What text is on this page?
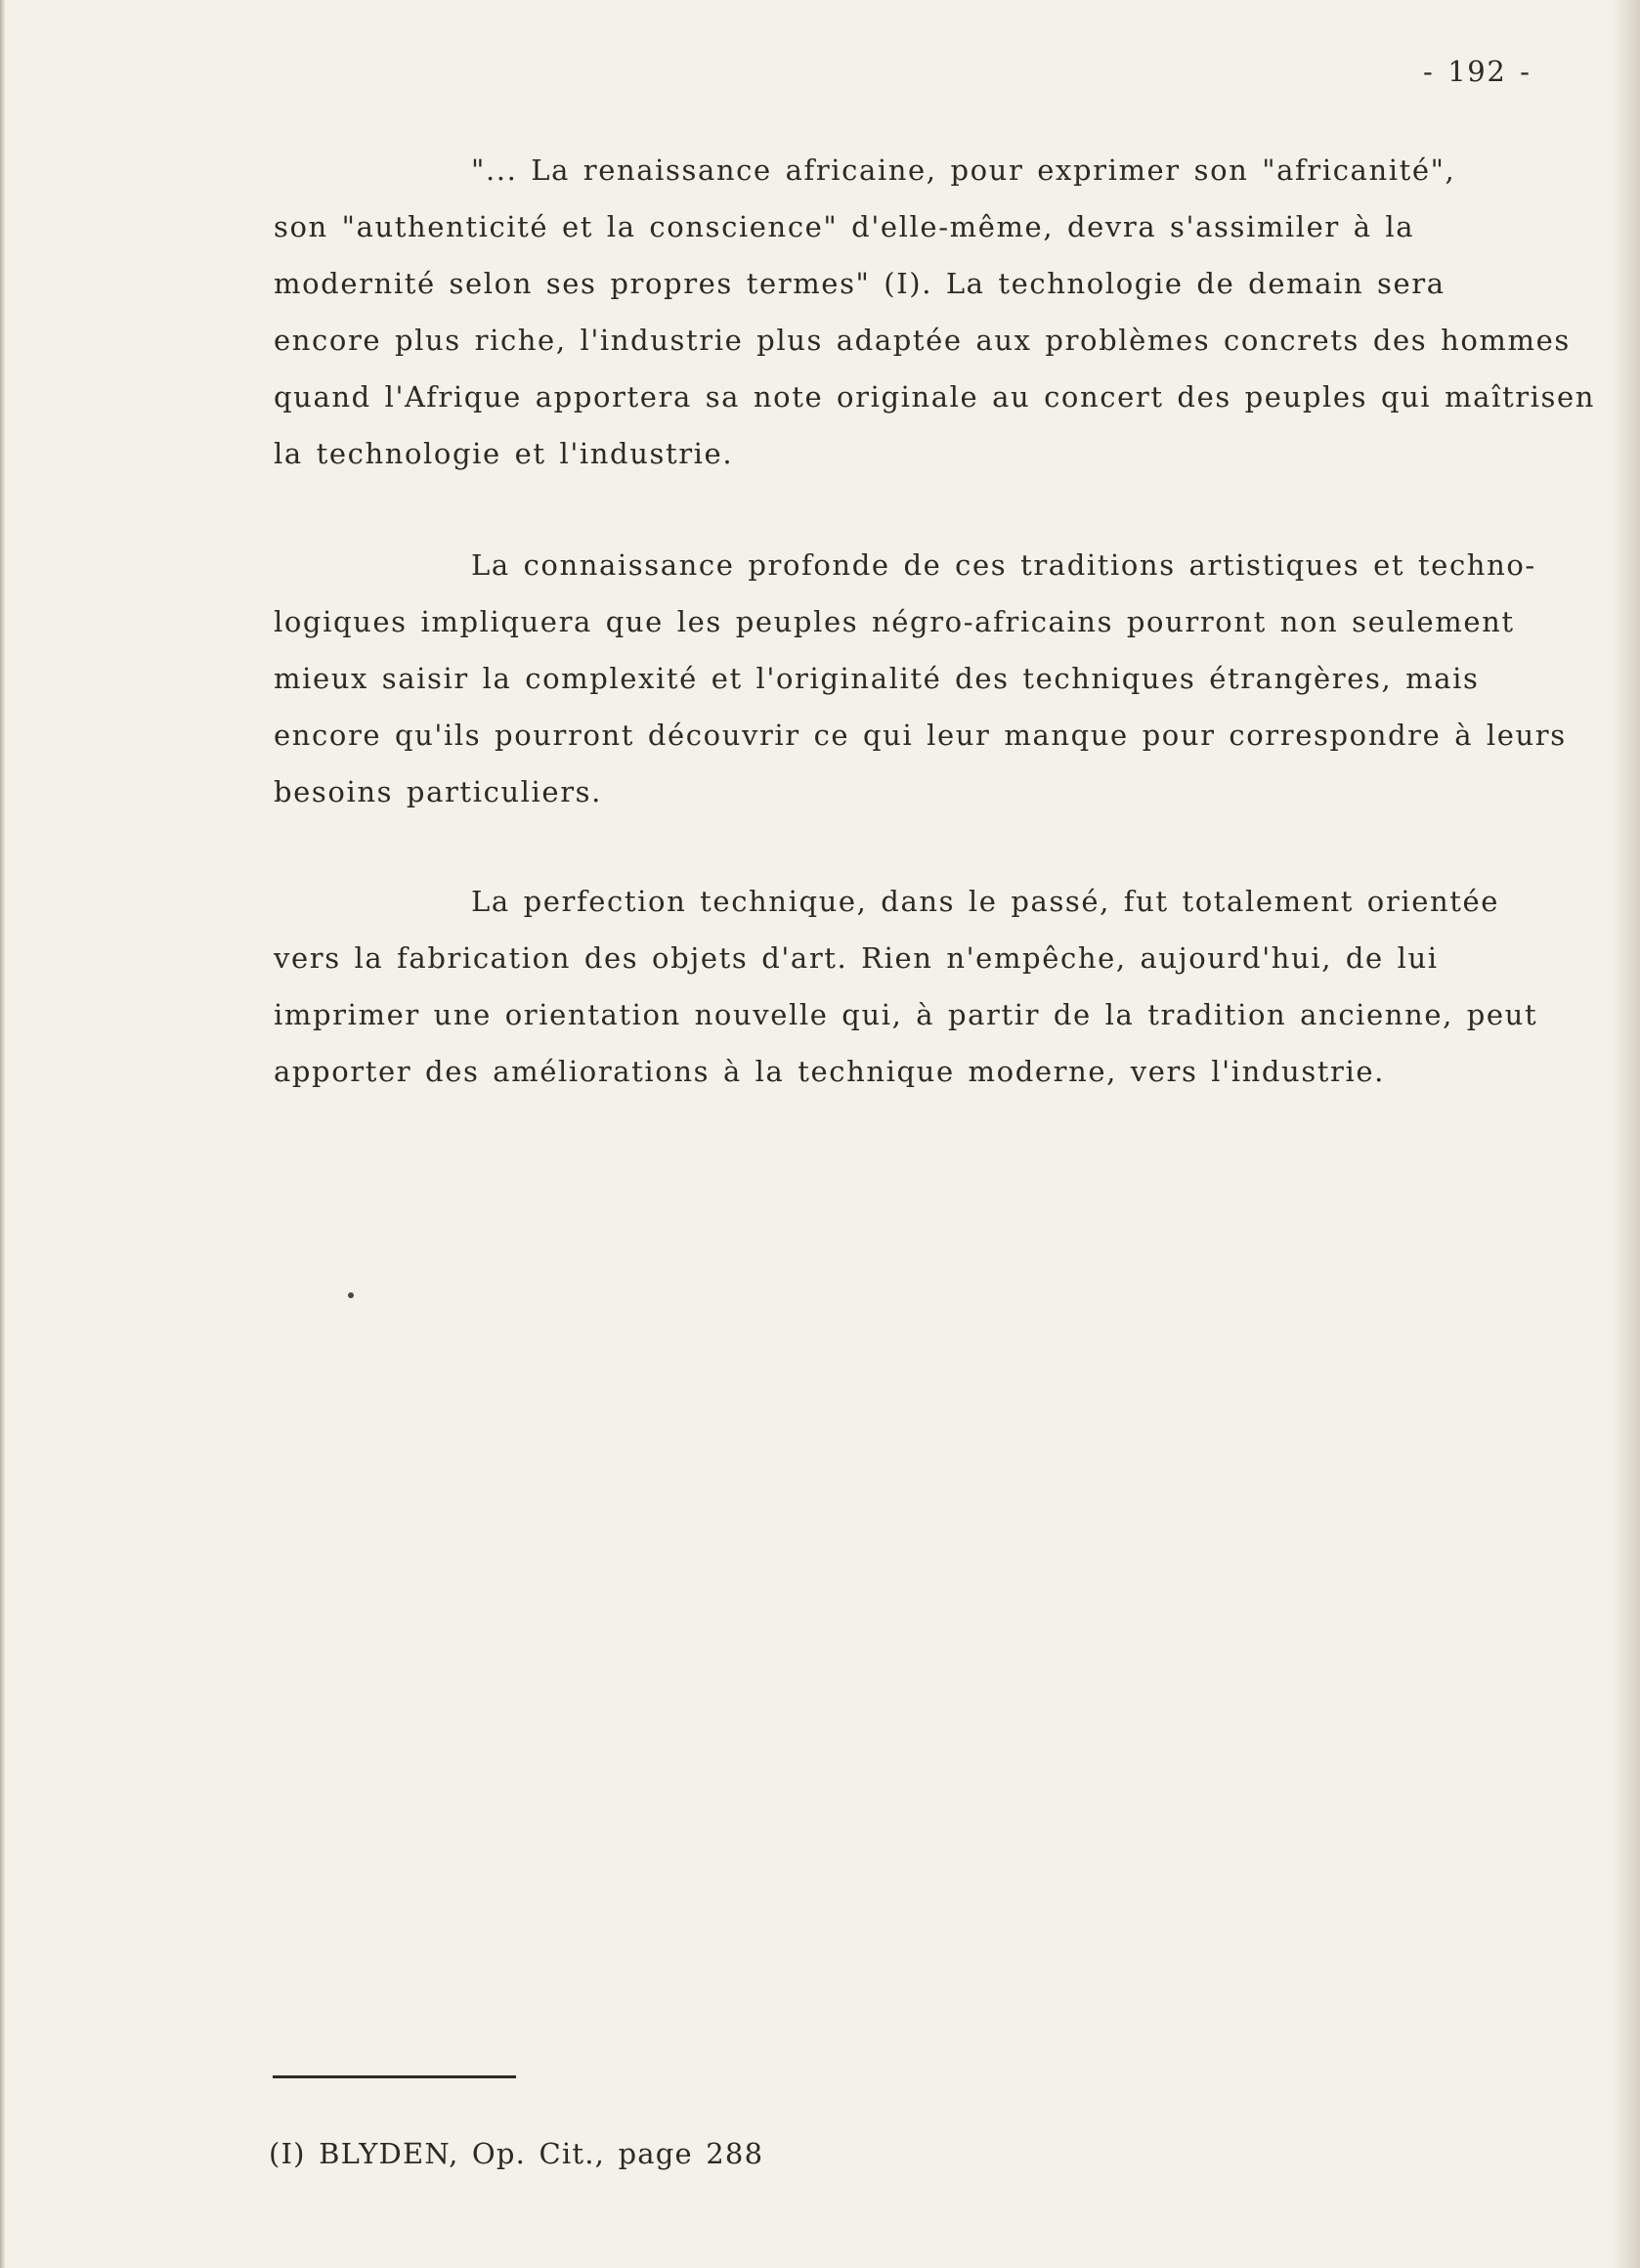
- 192 -
"... La renaissance africaine, pour exprimer son "africanité",
son "authenticité et la conscience" d'elle-même, devra s'assimiler à la
modernité selon ses propres termes" (I). La technologie de demain sera
encore plus riche, l'industrie plus adaptée aux problèmes concrets des hommes
quand l'Afrique apportera sa note originale au concert des peuples qui maîtrisen
la technologie et l'industrie.
La connaissance profonde de ces traditions artistiques et techno-
logiques impliquera que les peuples négro-africains pourront non seulement
mieux saisir la complexité et l'originalité des techniques étrangères, mais
encore qu'ils pourront découvrir ce qui leur manque pour correspondre à leurs
besoins particuliers.
La perfection technique, dans le passé, fut totalement orientée
vers la fabrication des objets d'art. Rien n'empêche, aujourd'hui, de lui
imprimer une orientation nouvelle qui, à partir de la tradition ancienne, peut
apporter des améliorations à la technique moderne, vers l'industrie.
(I) BLYDEN, Op. Cit., page 288
